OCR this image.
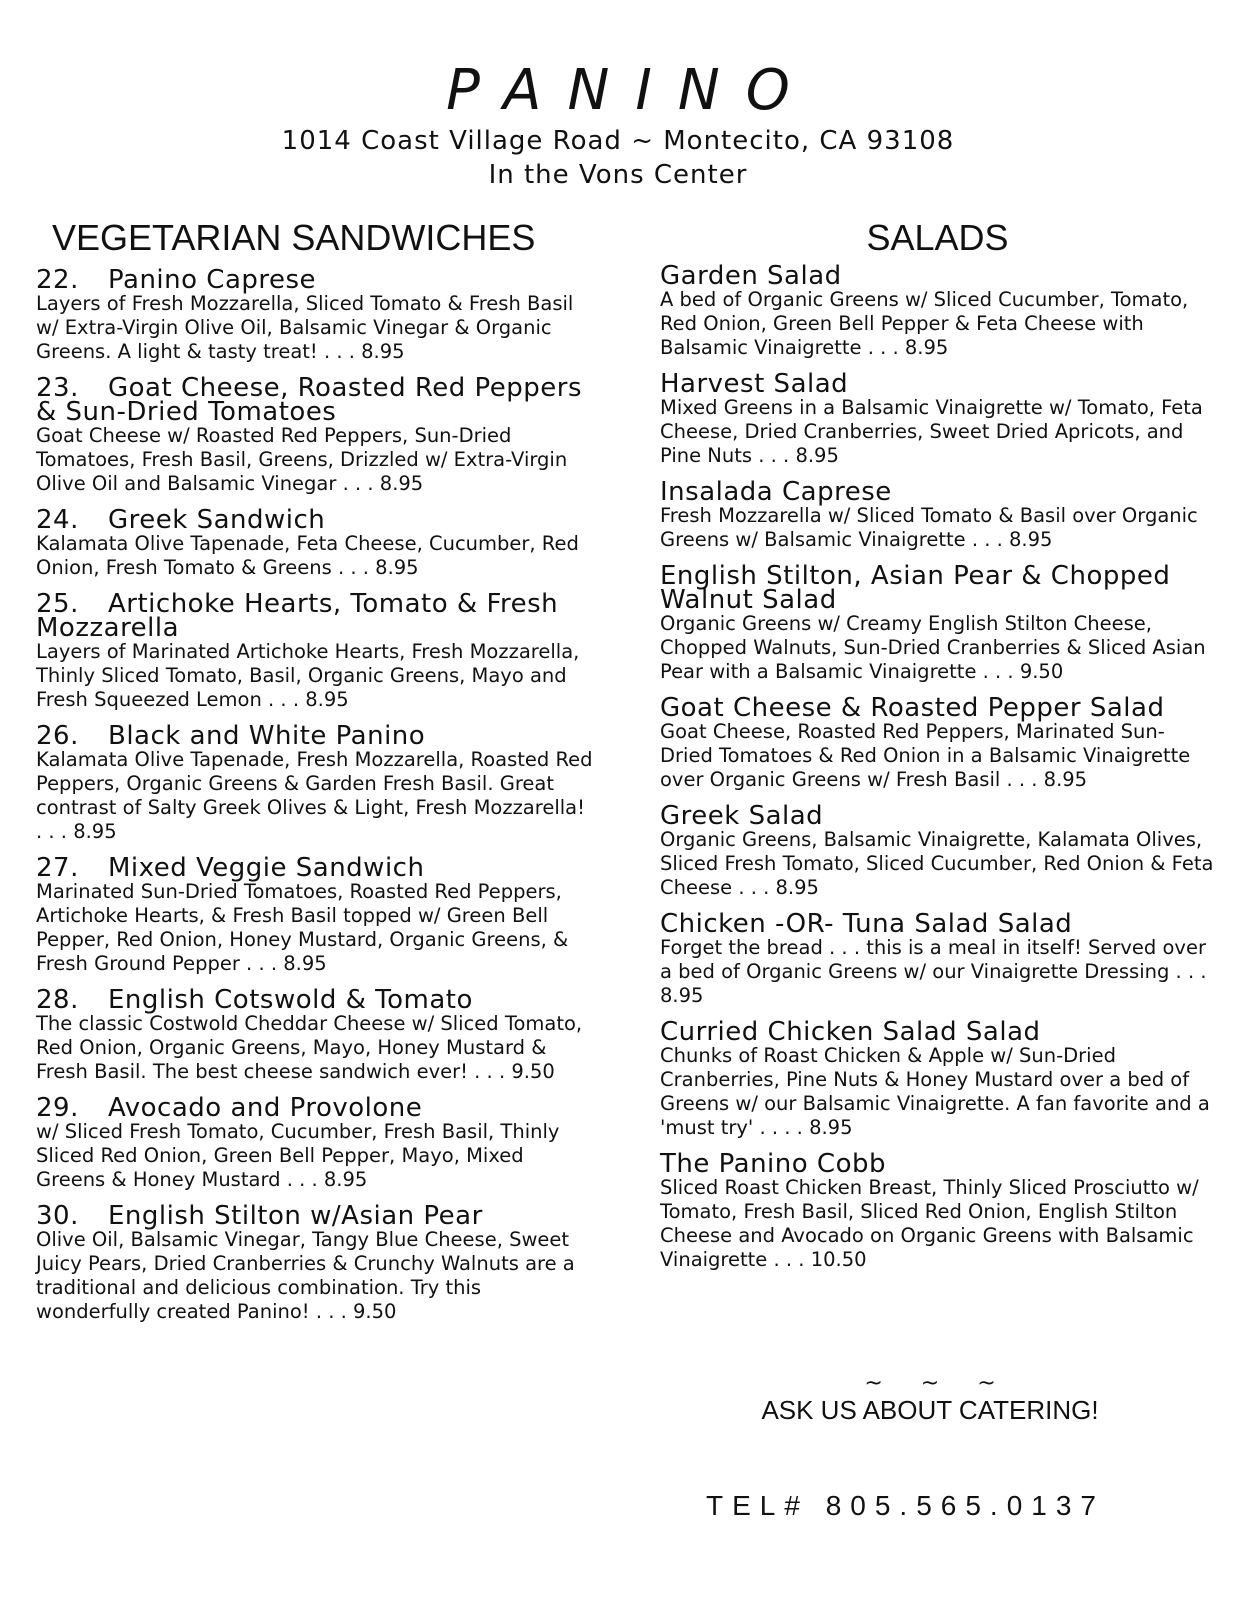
PANINO
1014 Coast Village Road ~ Montecito, CA 93108
In the Vons Center
VEGETARIAN SANDWICHES
22. Panino Caprese
Layers of Fresh Mozzarella, Sliced Tomato & Fresh Basil w/ Extra-Virgin Olive Oil, Balsamic Vinegar & Organic Greens. A light & tasty treat! . . . 8.95
23. Goat Cheese, Roasted Red Peppers & Sun-Dried Tomatoes
Goat Cheese w/ Roasted Red Peppers, Sun-Dried Tomatoes, Fresh Basil, Greens, Drizzled w/ Extra-Virgin Olive Oil and Balsamic Vinegar . . . 8.95
24. Greek Sandwich
Kalamata Olive Tapenade, Feta Cheese, Cucumber, Red Onion, Fresh Tomato & Greens . . . 8.95
25. Artichoke Hearts, Tomato & Fresh Mozzarella
Layers of Marinated Artichoke Hearts, Fresh Mozzarella, Thinly Sliced Tomato, Basil, Organic Greens, Mayo and Fresh Squeezed Lemon . . . 8.95
26. Black and White Panino
Kalamata Olive Tapenade, Fresh Mozzarella, Roasted Red Peppers, Organic Greens & Garden Fresh Basil. Great contrast of Salty Greek Olives & Light, Fresh Mozzarella! . . . 8.95
27. Mixed Veggie Sandwich
Marinated Sun-Dried Tomatoes, Roasted Red Peppers, Artichoke Hearts, & Fresh Basil topped w/ Green Bell Pepper, Red Onion, Honey Mustard, Organic Greens, & Fresh Ground Pepper . . . 8.95
28. English Cotswold & Tomato
The classic Costwold Cheddar Cheese w/ Sliced Tomato, Red Onion, Organic Greens, Mayo, Honey Mustard & Fresh Basil. The best cheese sandwich ever! . . . 9.50
29. Avocado and Provolone
w/ Sliced Fresh Tomato, Cucumber, Fresh Basil, Thinly Sliced Red Onion, Green Bell Pepper, Mayo, Mixed Greens & Honey Mustard . . . 8.95
30. English Stilton w/Asian Pear
Olive Oil, Balsamic Vinegar, Tangy Blue Cheese, Sweet Juicy Pears, Dried Cranberries & Crunchy Walnuts are a traditional and delicious combination. Try this wonderfully created Panino! . . . 9.50
SALADS
Garden Salad
A bed of Organic Greens w/ Sliced Cucumber, Tomato, Red Onion, Green Bell Pepper & Feta Cheese with Balsamic Vinaigrette . . . 8.95
Harvest Salad
Mixed Greens in a Balsamic Vinaigrette w/ Tomato, Feta Cheese, Dried Cranberries, Sweet Dried Apricots, and Pine Nuts . . . 8.95
Insalada Caprese
Fresh Mozzarella w/ Sliced Tomato & Basil over Organic Greens w/ Balsamic Vinaigrette . . . 8.95
English Stilton, Asian Pear & Chopped Walnut Salad
Organic Greens w/ Creamy English Stilton Cheese, Chopped Walnuts, Sun-Dried Cranberries & Sliced Asian Pear with a Balsamic Vinaigrette . . . 9.50
Goat Cheese & Roasted Pepper Salad
Goat Cheese, Roasted Red Peppers, Marinated Sun-Dried Tomatoes & Red Onion in a Balsamic Vinaigrette over Organic Greens w/ Fresh Basil . . . 8.95
Greek Salad
Organic Greens, Balsamic Vinaigrette, Kalamata Olives, Sliced Fresh Tomato, Sliced Cucumber, Red Onion & Feta Cheese . . . 8.95
Chicken -OR- Tuna Salad Salad
Forget the bread . . . this is a meal in itself! Served over a bed of Organic Greens w/ our Vinaigrette Dressing . . . 8.95
Curried Chicken Salad Salad
Chunks of Roast Chicken & Apple w/ Sun-Dried Cranberries, Pine Nuts & Honey Mustard over a bed of Greens w/ our Balsamic Vinaigrette. A fan favorite and a 'must try' . . . . 8.95
The Panino Cobb
Sliced Roast Chicken Breast, Thinly Sliced Prosciutto w/ Tomato, Fresh Basil, Sliced Red Onion, English Stilton Cheese and Avocado on Organic Greens with Balsamic Vinaigrette . . . 10.50
~~~
ASK US ABOUT CATERING!
TEL# 805.565.0137
